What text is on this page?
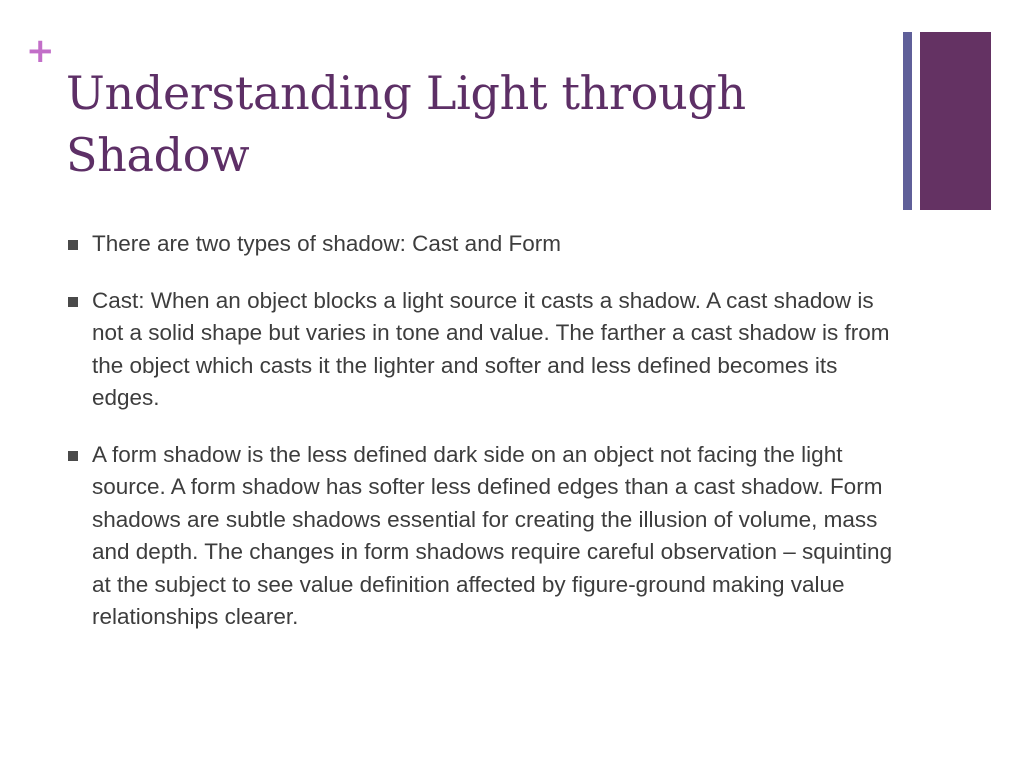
+
Understanding Light through
Shadow
There are two types of shadow: Cast and Form
Cast: When an object blocks a light source it casts a shadow. A cast shadow is not a solid shape but varies in tone and value. The farther a cast shadow is from the object which casts it the lighter and softer and less defined becomes its edges.
A form shadow is the less defined dark side on an object not facing the light source. A form shadow has softer less defined edges than a cast shadow. Form shadows are subtle shadows essential for creating the illusion of volume, mass and depth. The changes in form shadows require careful observation – squinting at the subject to see value definition affected by figure-ground making value relationships clearer.
